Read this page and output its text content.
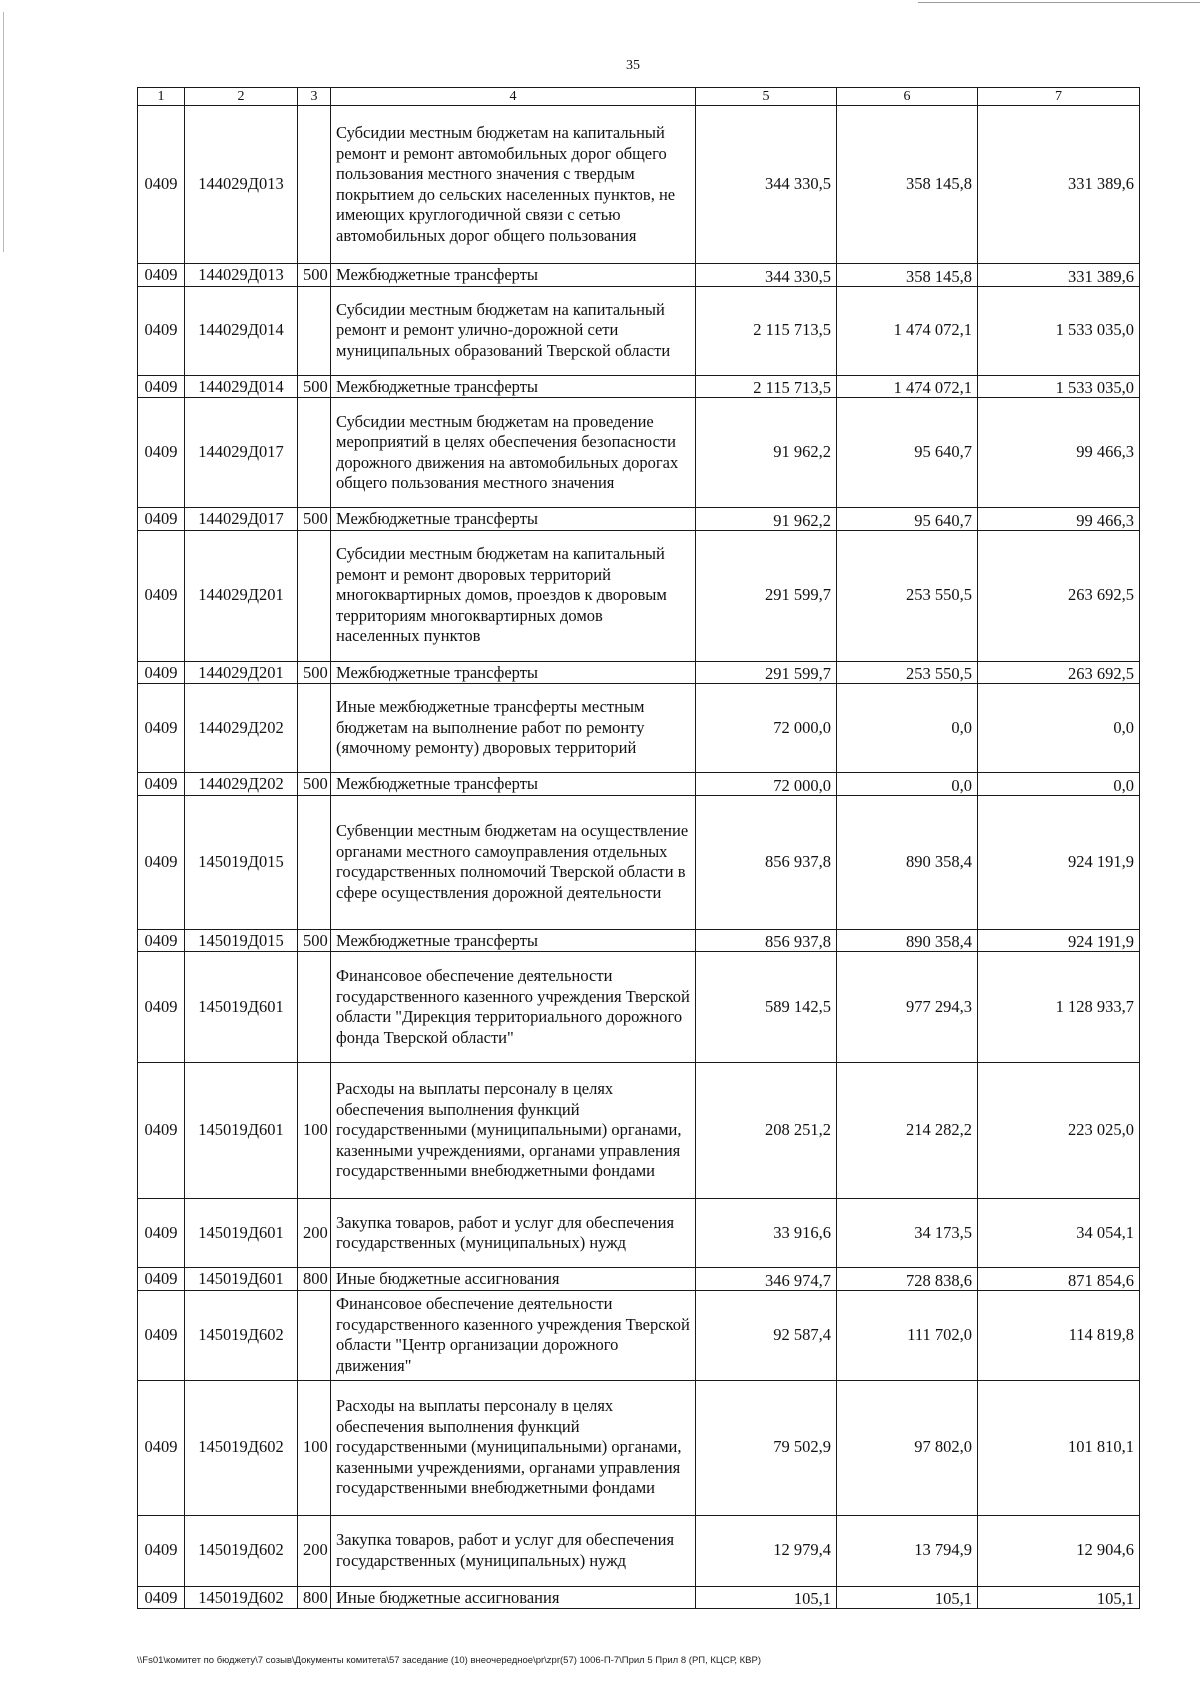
35
1	2	3	4	5	6	7
0409	144029Д013		Субсидии местным бюджетам на капитальный ремонт и ремонт автомобильных дорог общего пользования местного значения с твердым покрытием до сельских населенных пунктов, не имеющих круглогодичной связи с сетью автомобильных дорог общего пользования	344 330,5	358 145,8	331 389,6
0409	144029Д013	500	Межбюджетные трансферты	344 330,5	358 145,8	331 389,6
0409	144029Д014		Субсидии местным бюджетам на капитальный ремонт и ремонт улично-дорожной сети муниципальных образований Тверской области	2 115 713,5	1 474 072,1	1 533 035,0
0409	144029Д014	500	Межбюджетные трансферты	2 115 713,5	1 474 072,1	1 533 035,0
0409	144029Д017		Субсидии местным бюджетам на проведение мероприятий в целях обеспечения безопасности дорожного движения на автомобильных дорогах общего пользования местного значения	91 962,2	95 640,7	99 466,3
0409	144029Д017	500	Межбюджетные трансферты	91 962,2	95 640,7	99 466,3
0409	144029Д201		Субсидии местным бюджетам на капитальный ремонт и ремонт дворовых территорий многоквартирных домов, проездов к дворовым территориям многоквартирных домов населенных пунктов	291 599,7	253 550,5	263 692,5
0409	144029Д201	500	Межбюджетные трансферты	291 599,7	253 550,5	263 692,5
0409	144029Д202		Иные межбюджетные трансферты местным бюджетам на выполнение работ по ремонту (ямочному ремонту) дворовых территорий	72 000,0	0,0	0,0
0409	144029Д202	500	Межбюджетные трансферты	72 000,0	0,0	0,0
0409	145019Д015		Субвенции местным бюджетам на осуществление органами местного самоуправления отдельных государственных полномочий Тверской области в сфере осуществления дорожной деятельности	856 937,8	890 358,4	924 191,9
0409	145019Д015	500	Межбюджетные трансферты	856 937,8	890 358,4	924 191,9
0409	145019Д601		Финансовое обеспечение деятельности государственного казенного учреждения Тверской области "Дирекция территориального дорожного фонда Тверской области"	589 142,5	977 294,3	1 128 933,7
0409	145019Д601	100	Расходы на выплаты персоналу в целях обеспечения выполнения функций государственными (муниципальными) органами, казенными учреждениями, органами управления государственными внебюджетными фондами	208 251,2	214 282,2	223 025,0
0409	145019Д601	200	Закупка товаров, работ и услуг для обеспечения государственных (муниципальных) нужд	33 916,6	34 173,5	34 054,1
0409	145019Д601	800	Иные бюджетные ассигнования	346 974,7	728 838,6	871 854,6
0409	145019Д602		Финансовое обеспечение деятельности государственного казенного учреждения Тверской области "Центр организации дорожного движения"	92 587,4	111 702,0	114 819,8
0409	145019Д602	100	Расходы на выплаты персоналу в целях обеспечения выполнения функций государственными (муниципальными) органами, казенными учреждениями, органами управления государственными внебюджетными фондами	79 502,9	97 802,0	101 810,1
0409	145019Д602	200	Закупка товаров, работ и услуг для обеспечения государственных (муниципальных) нужд	12 979,4	13 794,9	12 904,6
0409	145019Д602	800	Иные бюджетные ассигнования	105,1	105,1	105,1
\\Fs01\комитет по бюджету\7 созыв\Документы комитета\57 заседание (10) внеочередное\pr\zpr(57) 1006-П-7\Прил 5 Прил 8 (РП, КЦСР, КВР)
